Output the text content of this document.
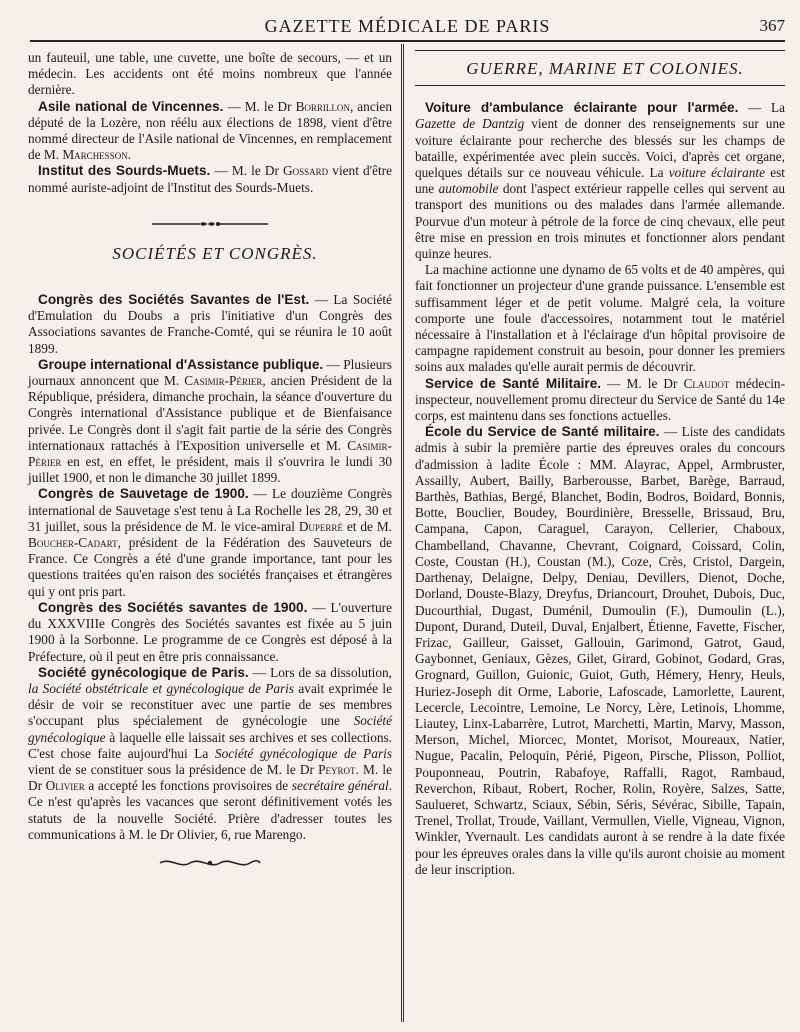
GAZETTE MÉDICALE DE PARIS	367

un fauteuil, une table, une cuvette, une boîte de secours, — et un médecin. Les accidents ont été moins nombreux que l'année dernière.

Asile national de Vincennes. — M. le Dr Borrillon, ancien député de la Lozère, non réélu aux élections de 1898, vient d'être nommé directeur de l'Asile national de Vincennes, en remplacement de M. Marchesson.

Institut des Sourds-Muets. — M. le Dr Gossard vient d'être nommé auriste-adjoint de l'Institut des Sourds-Muets.

SOCIÉTÉS ET CONGRÈS.

Congrès des Sociétés Savantes de l'Est. — La Société d'Emulation du Doubs a pris l'initiative d'un Congrès des Associations savantes de Franche-Comté, qui se réunira le 10 août 1899.

Groupe international d'Assistance publique. — Plusieurs journaux annoncent que M. Casimir-Périer, ancien Président de la République, présidera, dimanche prochain, la séance d'ouverture du Congrès international d'Assistance publique et de Bienfaisance privée. Le Congrès dont il s'agit fait partie de la série des Congrès internationaux rattachés à l'Exposition universelle et M. Casimir-Périer en est, en effet, le président, mais il s'ouvrira le lundi 30 juillet 1900, et non le dimanche 30 juillet 1899.

Congrès de Sauvetage de 1900. — Le douzième Congrès international de Sauvetage s'est tenu à La Rochelle les 28, 29, 30 et 31 juillet, sous la présidence de M. le vice-amiral Duperré et de M. Boucher-Cadart, président de la Fédération des Sauveteurs de France. Ce Congrès a été d'une grande importance, tant pour les questions traitées qu'en raison des sociétés françaises et étrangères qui y ont pris part.

Congrès des Sociétés savantes de 1900. — L'ouverture du XXXVIIIe Congrès des Sociétés savantes est fixée au 5 juin 1900 à la Sorbonne. Le programme de ce Congrès est déposé à la Préfecture, où il peut en être pris connaissance.

Société gynécologique de Paris. — Lors de sa dissolution, la Société obstétricale et gynécologique de Paris avait exprimée le désir de voir se reconstituer avec une partie de ses membres s'occupant plus spécialement de gynécologie une Société gynécologique à laquelle elle laissait ses archives et ses collections. C'est chose faite aujourd'hui La Société gynécologique de Paris vient de se constituer sous la présidence de M. le Dr Peyrot. M. le Dr Olivier a accepté les fonctions provisoires de secrétaire général. Ce n'est qu'après les vacances que seront définitivement votés les statuts de la nouvelle Société. Prière d'adresser toutes les communications à M. le Dr Olivier, 6, rue Marengo.

GUERRE, MARINE ET COLONIES.

Voiture d'ambulance éclairante pour l'armée. — La Gazette de Dantzig vient de donner des renseignements sur une voiture éclairante pour recherche des blessés sur les champs de bataille, expérimentée avec plein succès. Voici, d'après cet organe, quelques détails sur ce nouveau véhicule. La voiture éclairante est une automobile dont l'aspect extérieur rappelle celles qui servent au transport des munitions ou des malades dans l'armée allemande. Pourvue d'un moteur à pétrole de la force de cinq chevaux, elle peut être mise en pression en trois minutes et fonctionner alors pendant quinze heures.

La machine actionne une dynamo de 65 volts et de 40 ampères, qui fait fonctionner un projecteur d'une grande puissance. L'ensemble est suffisamment léger et de petit volume. Malgré cela, la voiture comporte une foule d'accessoires, notamment tout le matériel nécessaire à l'installation et à l'éclairage d'un hôpital provisoire de campagne rapidement construit au besoin, pour donner les premiers soins aux malades qu'elle aurait permis de découvrir.

Service de Santé Militaire. — M. le Dr Claudot médecin-inspecteur, nouvellement promu directeur du Service de Santé du 14e corps, est maintenu dans ses fonctions actuelles.

École du Service de Santé militaire. — Liste des candidats admis à subir la première partie des épreuves orales du concours d'admission à ladite École : MM. Alayrac, Appel, Armbruster, Assailly, Aubert, Bailly, Barberousse, Barbet, Barège, Barraud, Barthès, Bathias, Bergé, Blanchet, Bodin, Bodros, Boidard, Bonnis, Botte, Bouclier, Boudey, Bourdinière, Bresselle, Brissaud, Bru, Campana, Capon, Caraguel, Carayon, Cellerier, Chaboux, Chambelland, Chavanne, Chevrant, Coignard, Coissard, Colin, Coste, Coustan (H.), Coustan (M.), Coze, Crès, Cristol, Dargein, Darthenay, Delaigne, Delpy, Deniau, Devillers, Dienot, Doche, Dorland, Douste-Blazy, Dreyfus, Driancourt, Drouhet, Dubois, Duc, Ducourthial, Dugast, Duménil, Dumoulin (F.), Dumoulin (L.), Dupont, Durand, Duteil, Duval, Enjalbert, Étienne, Favette, Fischer, Frizac, Gailleur, Gaisset, Gallouin, Garimond, Gatrot, Gaud, Gaybonnet, Geniaux, Gèzes, Gilet, Girard, Gobinot, Godard, Gras, Grognard, Guillon, Guionic, Guiot, Guth, Hémery, Henry, Heuls, Huriez-Joseph dit Orme, Laborie, Lafoscade, Lamorlette, Laurent, Lecercle, Lecointre, Lemoine, Le Norcy, Lère, Letinois, Lhomme, Liautey, Linx-Labarrère, Lutrot, Marchetti, Martin, Marvy, Masson, Merson, Michel, Miorcec, Montet, Morisot, Moureaux, Natier, Nugue, Pacalin, Peloquin, Périé, Pigeon, Pirsche, Plisson, Polliot, Pouponneau, Poutrin, Rabafoye, Raffalli, Ragot, Rambaud, Reverchon, Ribaut, Robert, Rocher, Rolin, Royère, Salzes, Satte, Saulueret, Schwartz, Sciaux, Sébin, Séris, Sévérac, Sibille, Tapain, Trenel, Trollat, Troude, Vaillant, Vermullen, Vielle, Vigneau, Vignon, Winkler, Yvernault. Les candidats auront à se rendre à la date fixée pour les épreuves orales dans la ville qu'ils auront choisie au moment de leur inscription.
